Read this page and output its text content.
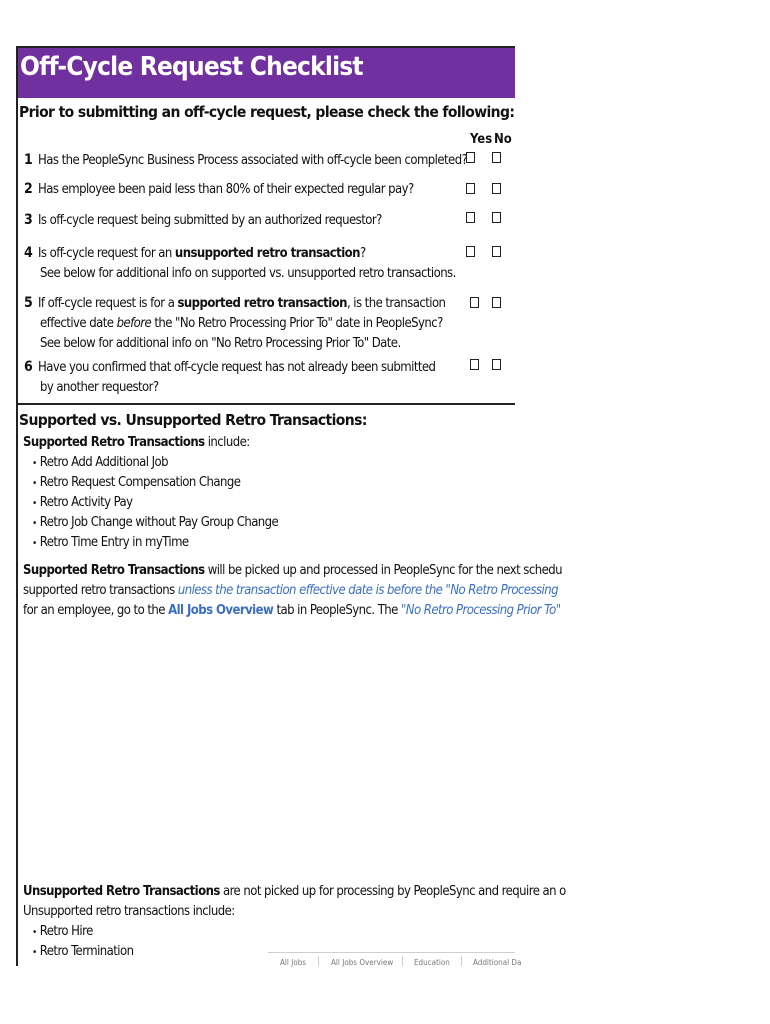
Off-Cycle Request Checklist
Prior to submitting an off-cycle request, please check the following:
Yes No
1 Has the PeopleSync Business Process associated with off-cycle been completed?
2 Has employee been paid less than 80% of their expected regular pay?
3 Is off-cycle request being submitted by an authorized requestor?
4 Is off-cycle request for an unsupported retro transaction?
See below for additional info on supported vs. unsupported retro transactions.
5 If off-cycle request is for a supported retro transaction, is the transaction
effective date before the "No Retro Processing Prior To" date in PeopleSync?
See below for additional info on "No Retro Processing Prior To" Date.
6 Have you confirmed that off-cycle request has not already been submitted
by another requestor?
Supported vs. Unsupported Retro Transactions:
Supported Retro Transactions include:
• Retro Add Additional Job
• Retro Request Compensation Change
• Retro Activity Pay
• Retro Job Change without Pay Group Change
• Retro Time Entry in myTime
Supported Retro Transactions will be picked up and processed in PeopleSync for the next schedu
supported retro transactions unless the transaction effective date is before the "No Retro Processing
for an employee, go to the All Jobs Overview tab in PeopleSync. The "No Retro Processing Prior To"
Unsupported Retro Transactions are not picked up for processing by PeopleSync and require an o
Unsupported retro transactions include:
• Retro Hire
• Retro Termination
All Jobs	All Jobs Overview	Education	Additional Da
